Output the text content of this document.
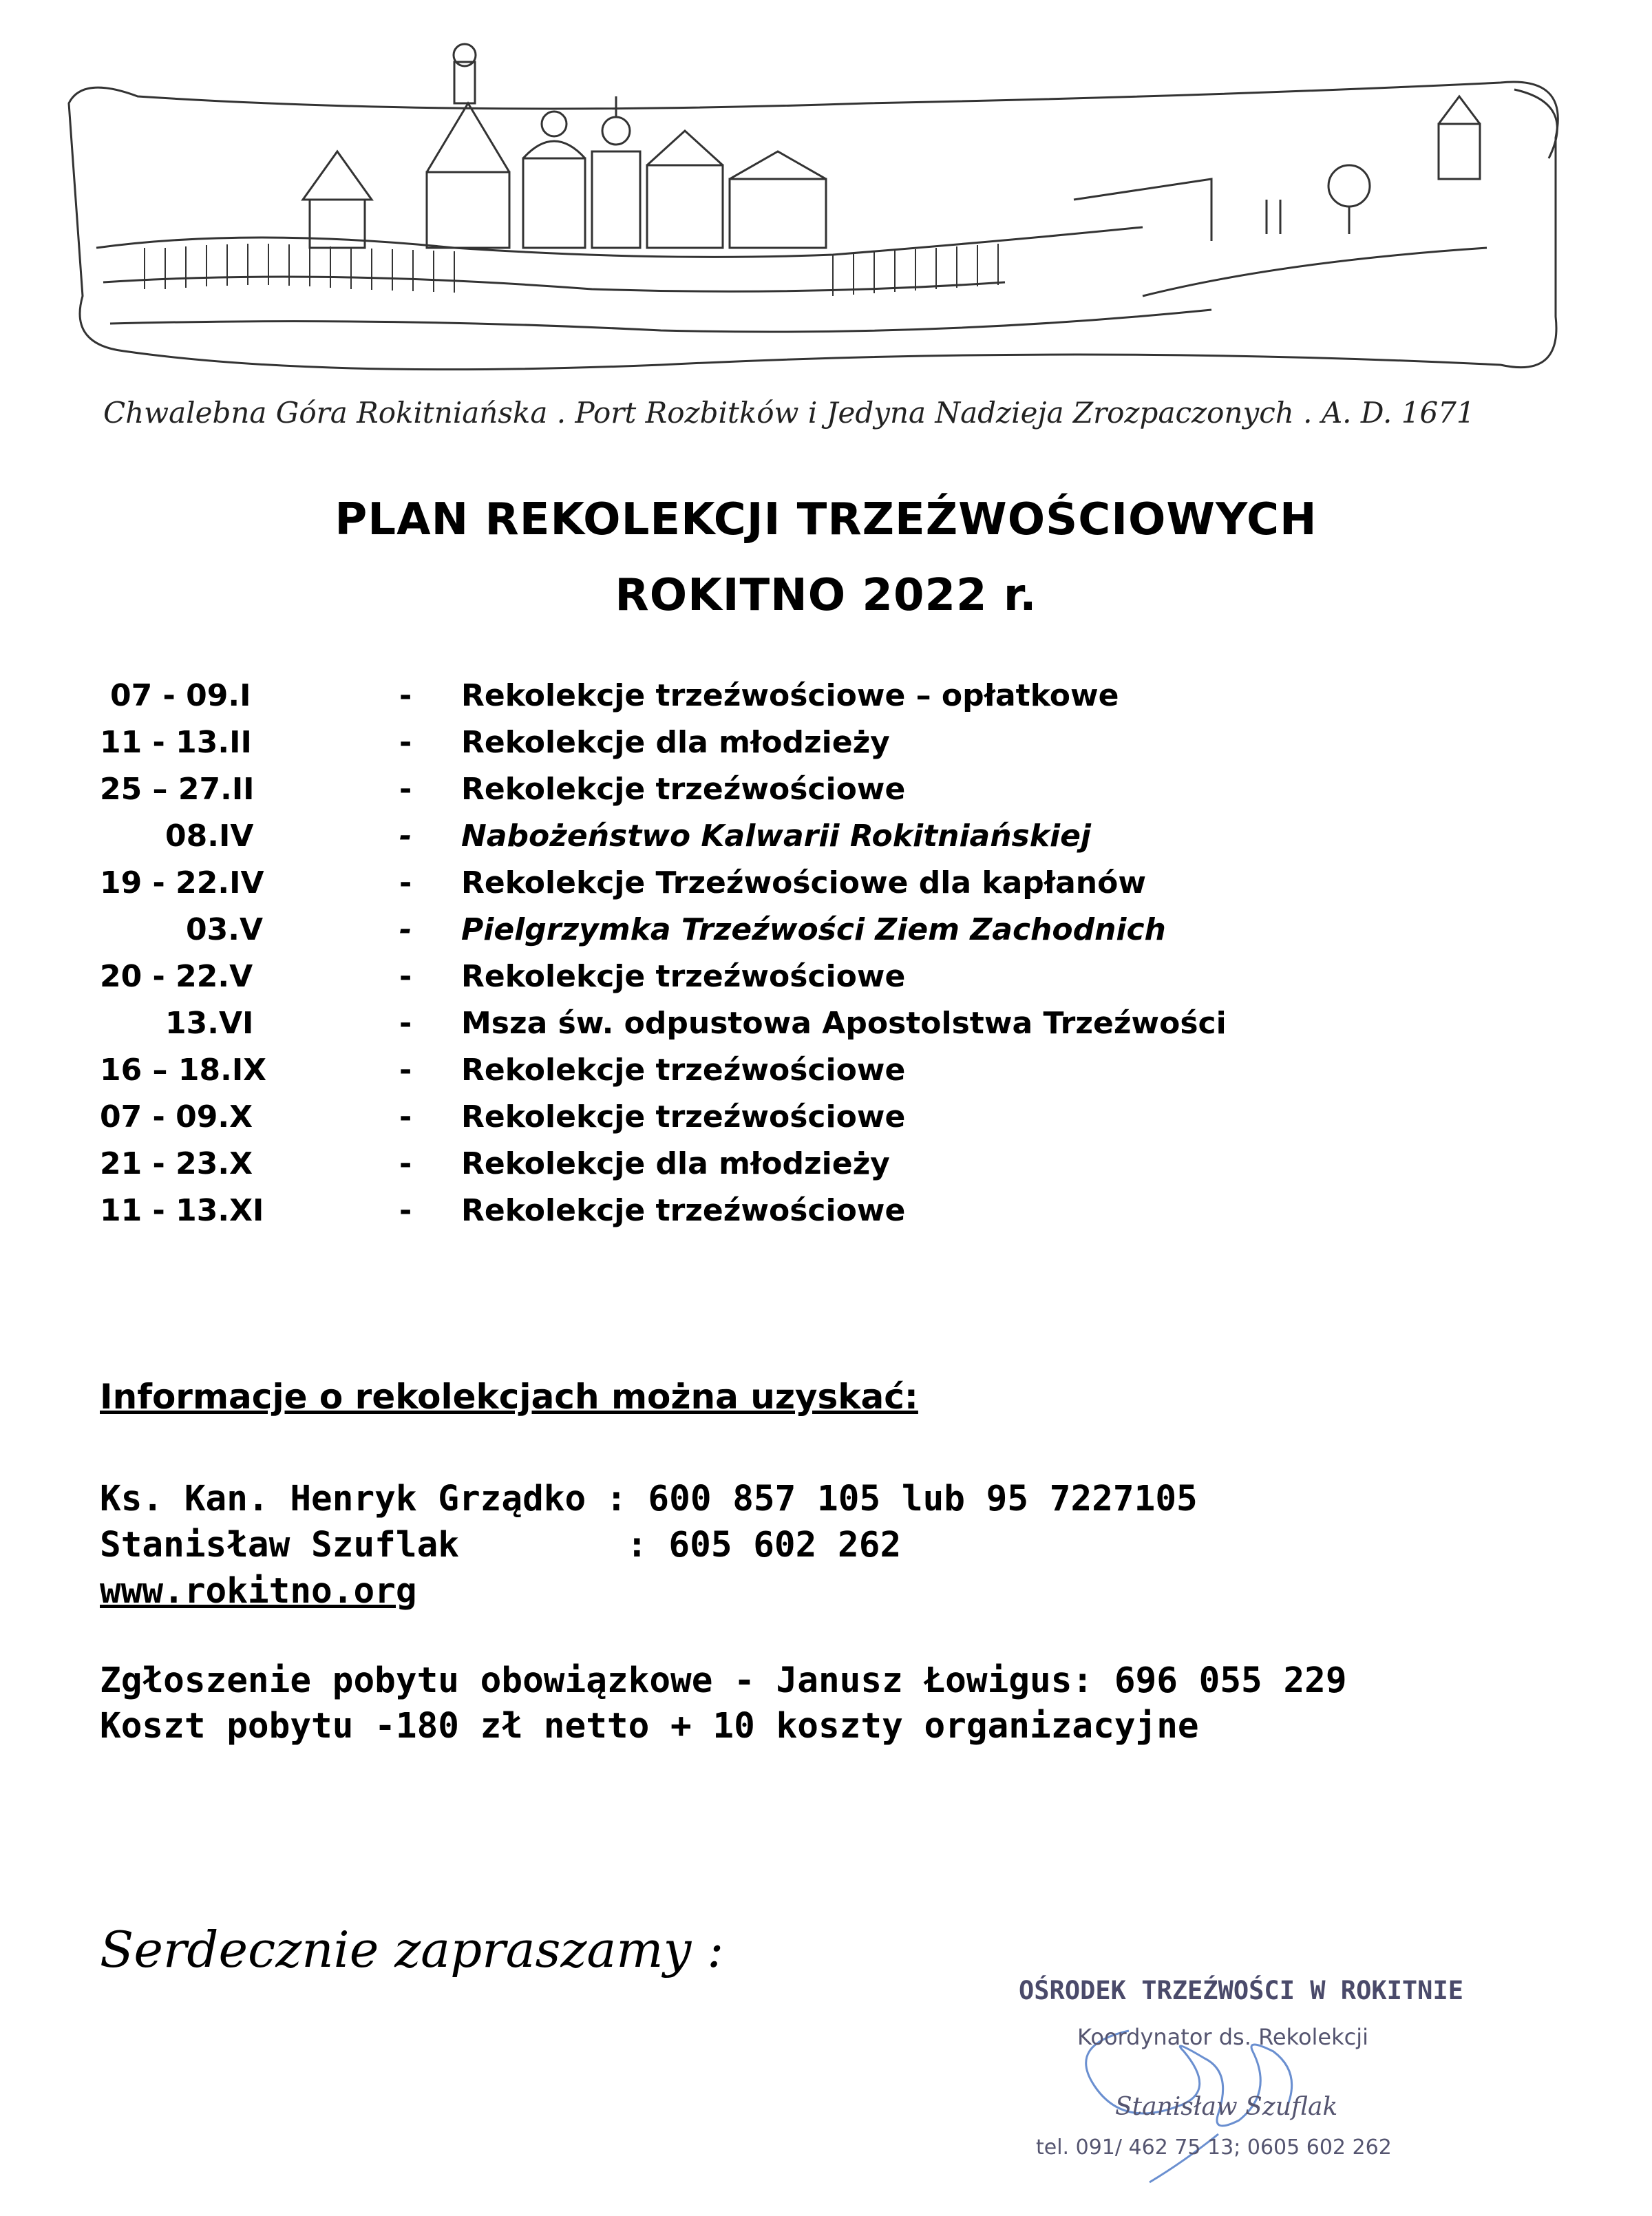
Chwalebna Góra Rokitniańska . Port Rozbitków i Jedyna Nadzieja Zrozpaczonych . A. D. 1671
PLAN REKOLEKCJI TRZEŹWOŚCIOWYCH
ROKITNO 2022 r.
07 - 09.I	- Rekolekcje trzeźwościowe – opłatkowe
11 - 13.II	- Rekolekcje dla młodzieży
25 – 27.II	- Rekolekcje trzeźwościowe
08.IV	- Nabożeństwo Kalwarii Rokitniańskiej
19 - 22.IV	- Rekolekcje Trzeźwościowe dla kapłanów
03.V	- Pielgrzymka Trzeźwości Ziem Zachodnich
20 - 22.V	- Rekolekcje trzeźwościowe
13.VI	- Msza św. odpustowa Apostolstwa Trzeźwości
16 – 18.IX	- Rekolekcje trzeźwościowe
07 - 09.X	- Rekolekcje trzeźwościowe
21 - 23.X	- Rekolekcje dla młodzieży
11 - 13.XI	- Rekolekcje trzeźwościowe
Informacje o rekolekcjach można uzyskać:
Ks. Kan. Henryk Grządko : 600 857 105 lub 95 7227105
Stanisław Szuflak	: 605 602 262
www.rokitno.org
Zgłoszenie pobytu obowiązkowe - Janusz Łowigus: 696 055 229
Koszt pobytu -180 zł netto + 10 koszty organizacyjne
Serdecznie zapraszamy :
OŚRODEK TRZEŹWOŚCI W ROKITNIE
Koordynator ds. Rekolekcji
Stanisław Szuflak
tel. 091/ 462 75 13; 0605 602 262
